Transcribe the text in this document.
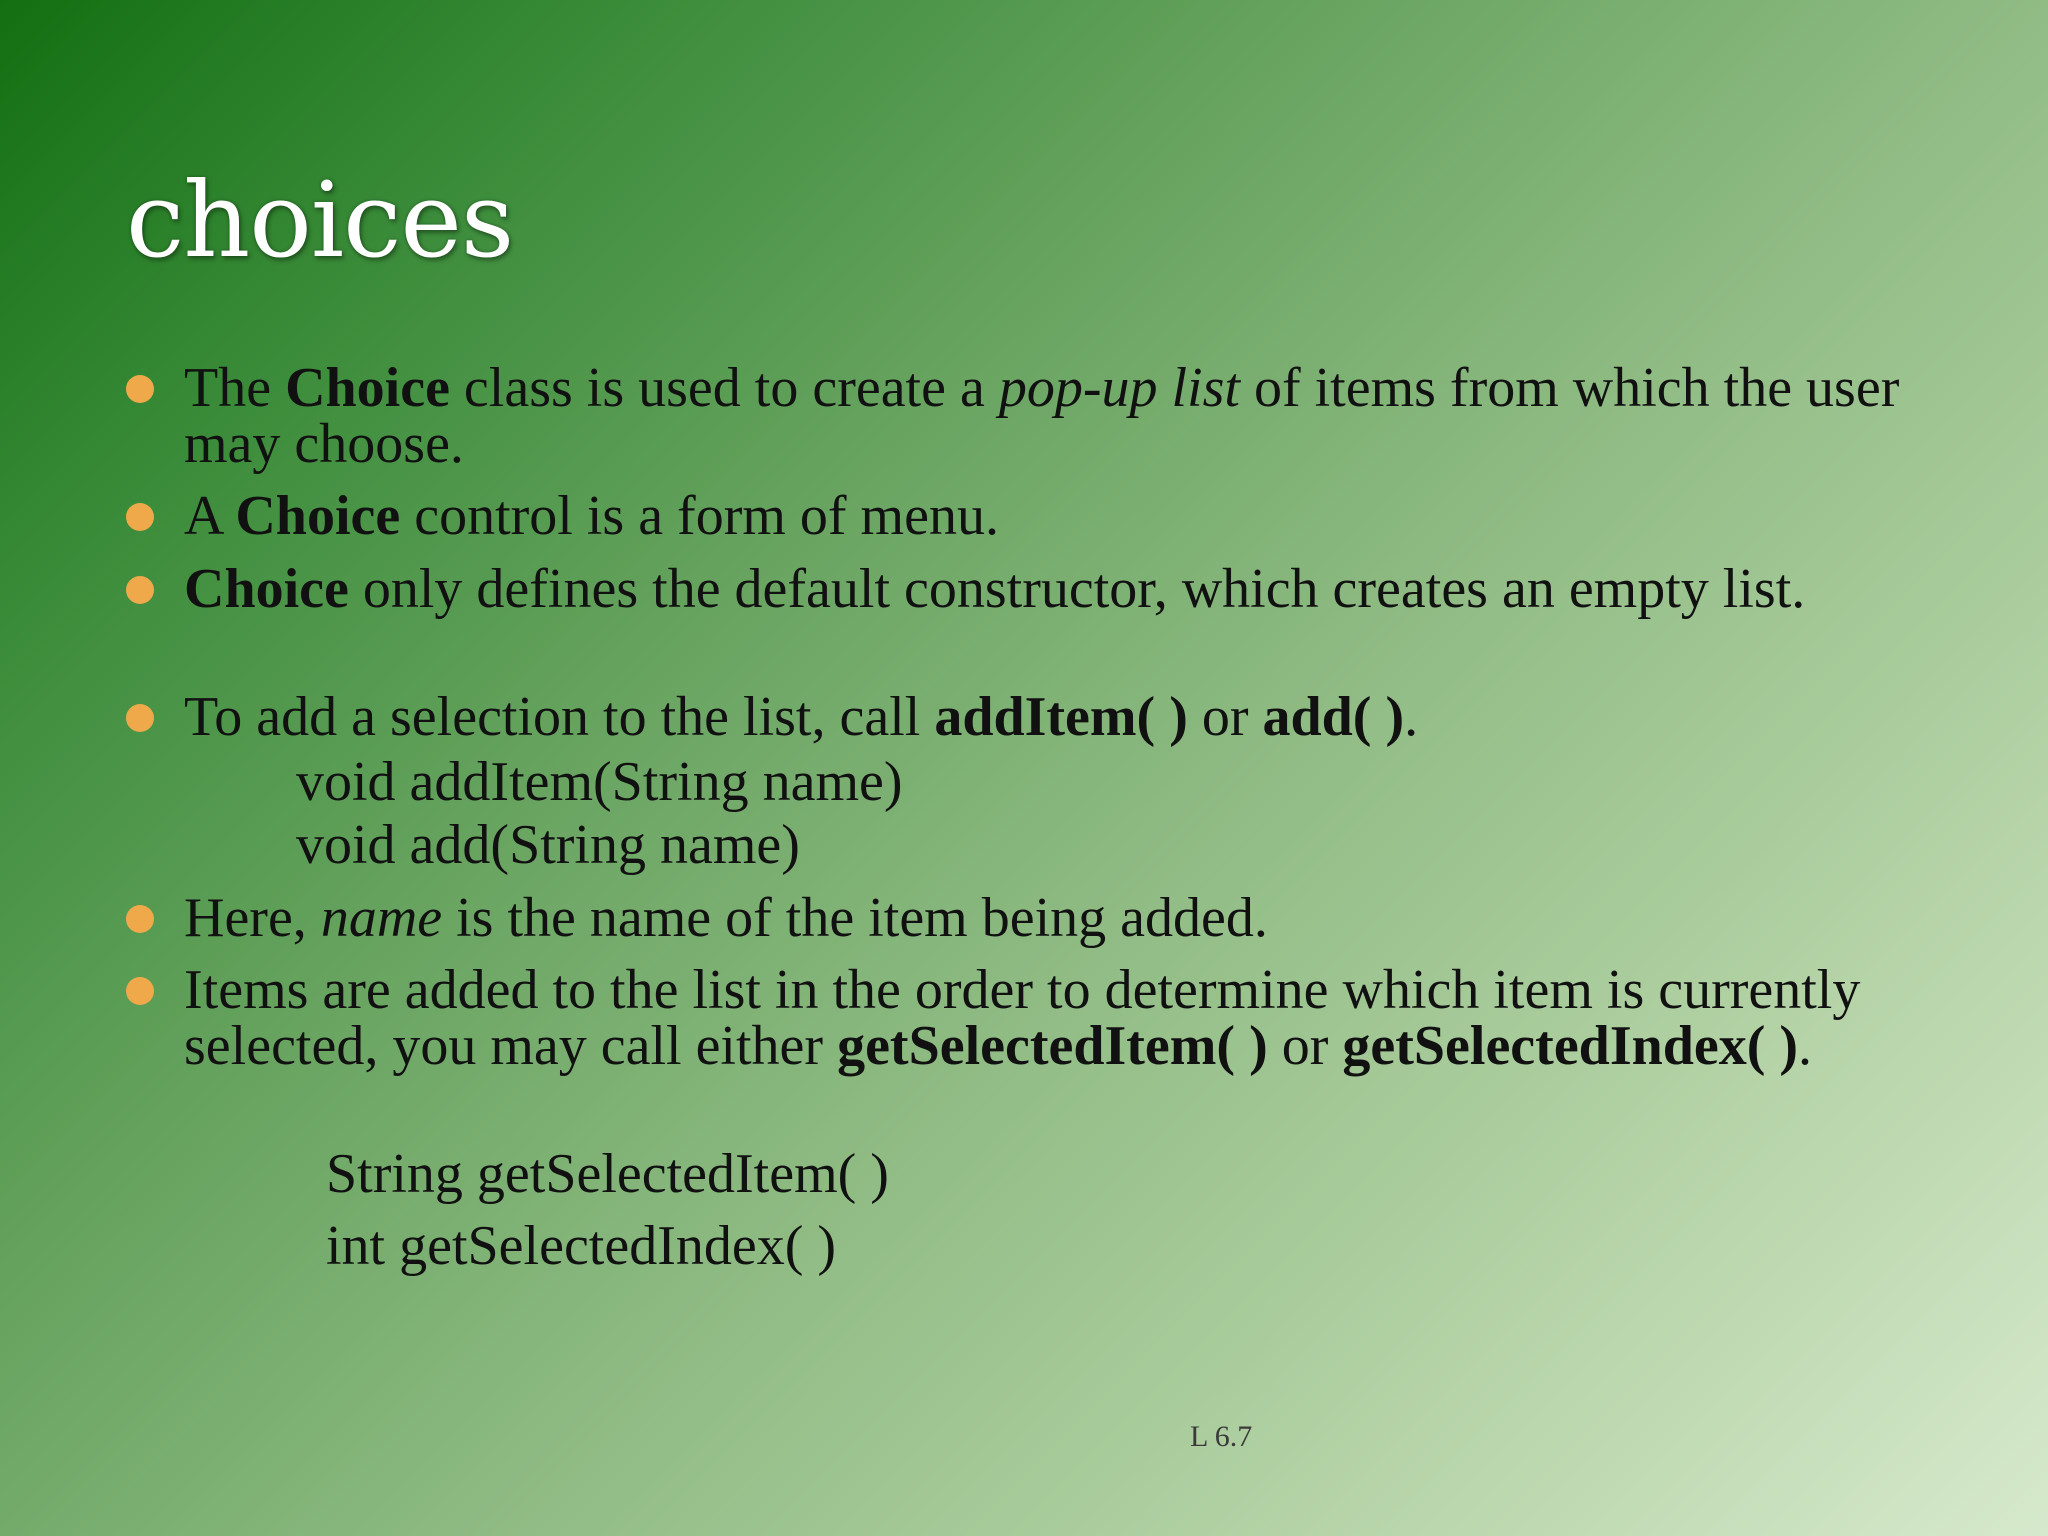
choices
The Choice class is used to create a pop-up list of items from which the user may choose.
A Choice control is a form of menu.
Choice only defines the default constructor, which creates an empty list.
To add a selection to the list, call addItem( ) or add( ).
void addItem(String name)
void add(String name)
Here, name is the name of the item being added.
Items are added to the list in the order to determine which item is currently selected, you may call either getSelectedItem( ) or getSelectedIndex( ).
String getSelectedItem( )
int getSelectedIndex( )
L 6.7
